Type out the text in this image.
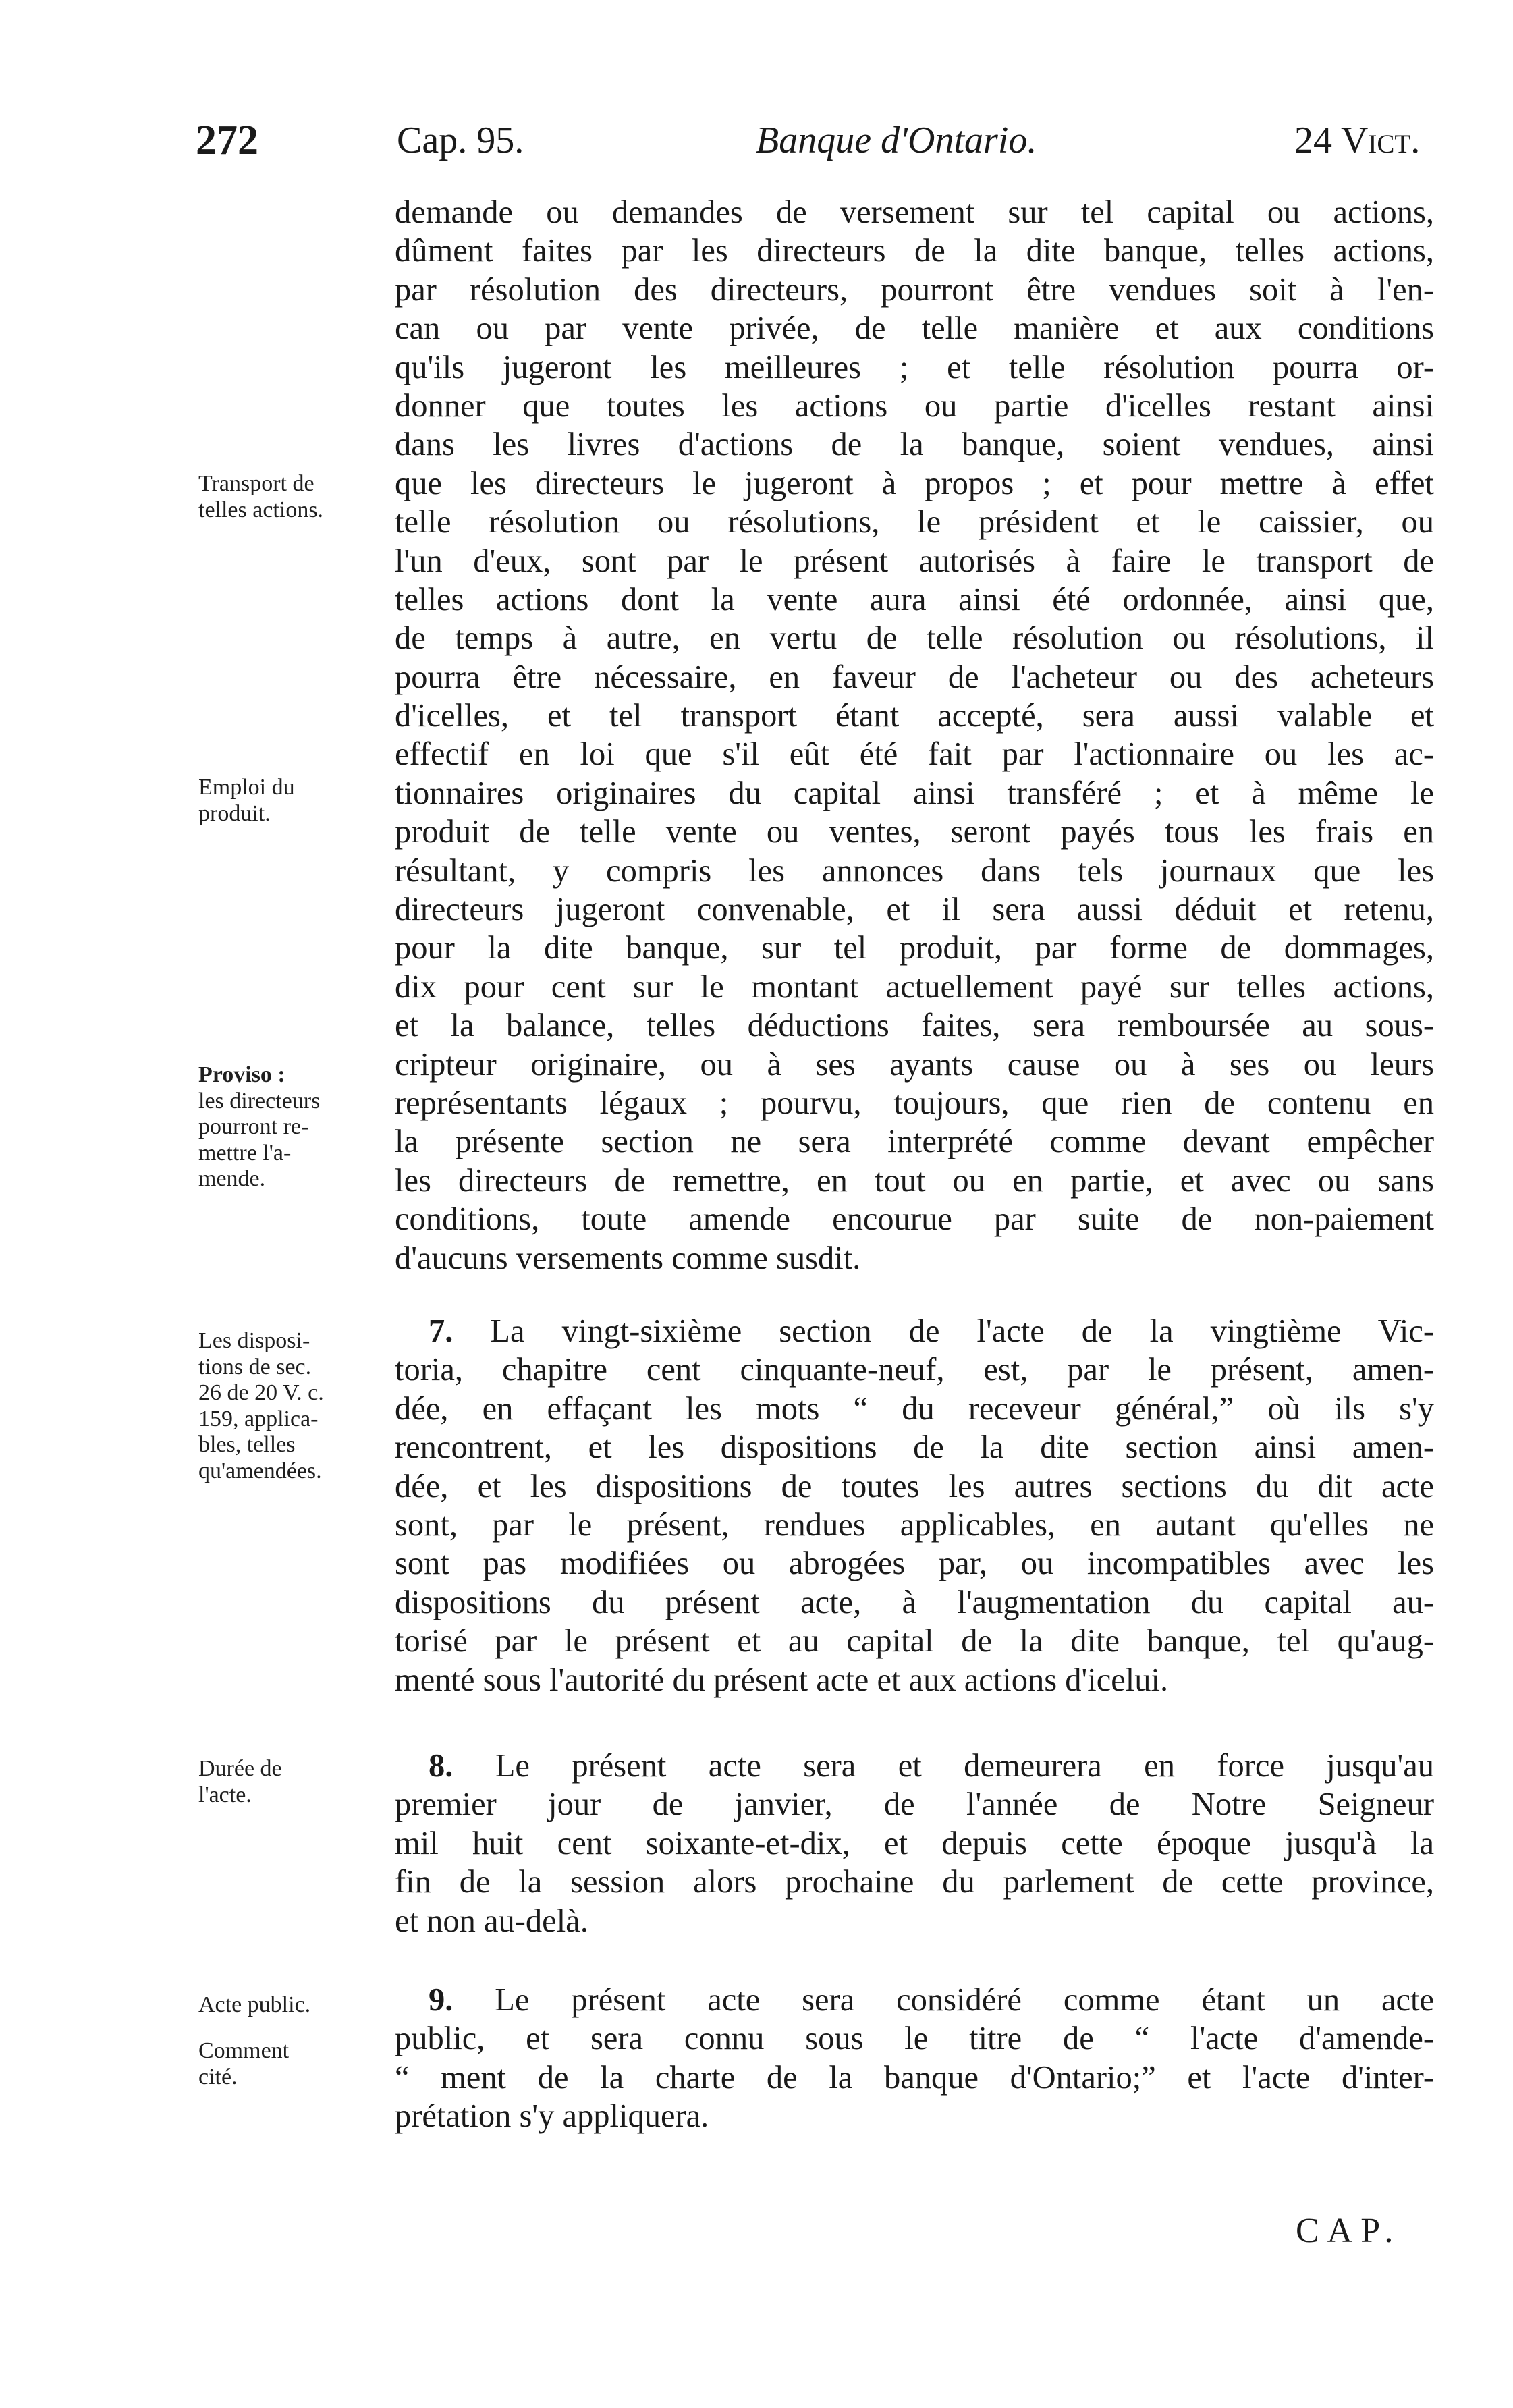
272	Cap. 95.	Banque d'Ontario.	24 Vict.
demande ou demandes de versement sur tel capital ou actions,
dûment faites par les directeurs de la dite banque, telles actions,
par résolution des directeurs, pourront être vendues soit à l'en-
can ou par vente privée, de telle manière et aux conditions
qu'ils jugeront les meilleures ; et telle résolution pourra or-
donner que toutes les actions ou partie d'icelles restant ainsi
dans les livres d'actions de la banque, soient vendues, ainsi
que les directeurs le jugeront à propos ; et pour mettre à effet
telle résolution ou résolutions, le président et le caissier, ou
l'un d'eux, sont par le présent autorisés à faire le transport de
telles actions dont la vente aura ainsi été ordonnée, ainsi que,
de temps à autre, en vertu de telle résolution ou résolutions, il
pourra être nécessaire, en faveur de l'acheteur ou des acheteurs
d'icelles, et tel transport étant accepté, sera aussi valable et
effectif en loi que s'il eût été fait par l'actionnaire ou les ac-
tionnaires originaires du capital ainsi transféré ; et à même le
produit de telle vente ou ventes, seront payés tous les frais en
résultant, y compris les annonces dans tels journaux que les
directeurs jugeront convenable, et il sera aussi déduit et retenu,
pour la dite banque, sur tel produit, par forme de dommages,
dix pour cent sur le montant actuellement payé sur telles actions,
et la balance, telles déductions faites, sera remboursée au sous-
cripteur originaire, ou à ses ayants cause ou à ses ou leurs
représentants légaux ; pourvu, toujours, que rien de contenu en
la présente section ne sera interprété comme devant empêcher
les directeurs de remettre, en tout ou en partie, et avec ou sans
conditions, toute amende encourue par suite de non-paiement
d'aucuns versements comme susdit.
7. La vingt-sixième section de l'acte de la vingtième Vic-
toria, chapitre cent cinquante-neuf, est, par le présent, amen-
dée, en effaçant les mots “ du receveur général,” où ils s'y
rencontrent, et les dispositions de la dite section ainsi amen-
dée, et les dispositions de toutes les autres sections du dit acte
sont, par le présent, rendues applicables, en autant qu'elles ne
sont pas modifiées ou abrogées par, ou incompatibles avec les
dispositions du présent acte, à l'augmentation du capital au-
torisé par le présent et au capital de la dite banque, tel qu'aug-
menté sous l'autorité du présent acte et aux actions d'icelui.
8. Le présent acte sera et demeurera en force jusqu'au
premier jour de janvier, de l'année de Notre Seigneur
mil huit cent soixante-et-dix, et depuis cette époque jusqu'à la
fin de la session alors prochaine du parlement de cette province,
et non au-delà.
9. Le présent acte sera considéré comme étant un acte
public, et sera connu sous le titre de “ l'acte d'amende-
“ ment de la charte de la banque d'Ontario;” et l'acte d'inter-
prétation s'y appliquera.
Transport de
telles actions.
Emploi du
produit.
Proviso :
les directeurs
pourront re-
mettre l'a-
mende.
Les disposi-
tions de sec.
26 de 20 V. c.
159, applica-
bles, telles
qu'amendées.
Durée de
l'acte.
Acte public.
Comment
cité.
CAP.
